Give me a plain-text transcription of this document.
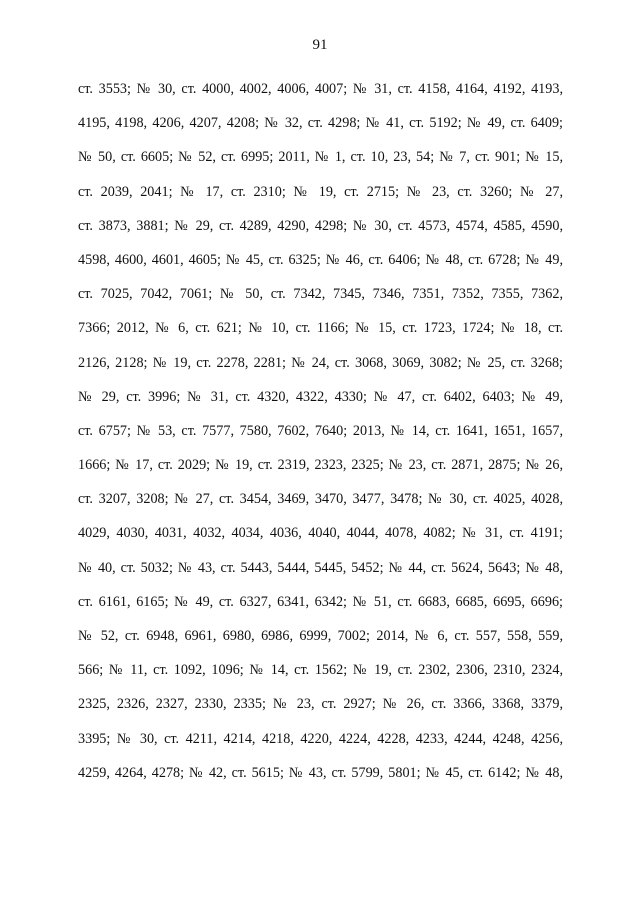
91
ст. 3553; № 30, ст. 4000, 4002, 4006, 4007; № 31, ст. 4158, 4164, 4192, 4193,
4195, 4198, 4206, 4207, 4208; № 32, ст. 4298; № 41, ст. 5192; № 49, ст. 6409;
№ 50, ст. 6605; № 52, ст. 6995; 2011, № 1, ст. 10, 23, 54; № 7, ст. 901; № 15,
ст. 2039, 2041; № 17, ст. 2310; № 19, ст. 2715; № 23, ст. 3260; № 27,
ст. 3873, 3881; № 29, ст. 4289, 4290, 4298; № 30, ст. 4573, 4574, 4585, 4590,
4598, 4600, 4601, 4605; № 45, ст. 6325; № 46, ст. 6406; № 48, ст. 6728; № 49,
ст. 7025, 7042, 7061; № 50, ст. 7342, 7345, 7346, 7351, 7352, 7355, 7362,
7366; 2012, № 6, ст. 621; № 10, ст. 1166; № 15, ст. 1723, 1724; № 18, ст.
2126, 2128; № 19, ст. 2278, 2281; № 24, ст. 3068, 3069, 3082; № 25, ст. 3268;
№ 29, ст. 3996; № 31, ст. 4320, 4322, 4330; № 47, ст. 6402, 6403; № 49,
ст. 6757; № 53, ст. 7577, 7580, 7602, 7640; 2013, № 14, ст. 1641, 1651, 1657,
1666; № 17, ст. 2029; № 19, ст. 2319, 2323, 2325; № 23, ст. 2871, 2875; № 26,
ст. 3207, 3208; № 27, ст. 3454, 3469, 3470, 3477, 3478; № 30, ст. 4025, 4028,
4029, 4030, 4031, 4032, 4034, 4036, 4040, 4044, 4078, 4082; № 31, ст. 4191;
№ 40, ст. 5032; № 43, ст. 5443, 5444, 5445, 5452; № 44, ст. 5624, 5643; № 48,
ст. 6161, 6165; № 49, ст. 6327, 6341, 6342; № 51, ст. 6683, 6685, 6695, 6696;
№ 52, ст. 6948, 6961, 6980, 6986, 6999, 7002; 2014, № 6, ст. 557, 558, 559,
566; № 11, ст. 1092, 1096; № 14, ст. 1562; № 19, ст. 2302, 2306, 2310, 2324,
2325, 2326, 2327, 2330, 2335; № 23, ст. 2927; № 26, ст. 3366, 3368, 3379,
3395; № 30, ст. 4211, 4214, 4218, 4220, 4224, 4228, 4233, 4244, 4248, 4256,
4259, 4264, 4278; № 42, ст. 5615; № 43, ст. 5799, 5801; № 45, ст. 6142; № 48,
